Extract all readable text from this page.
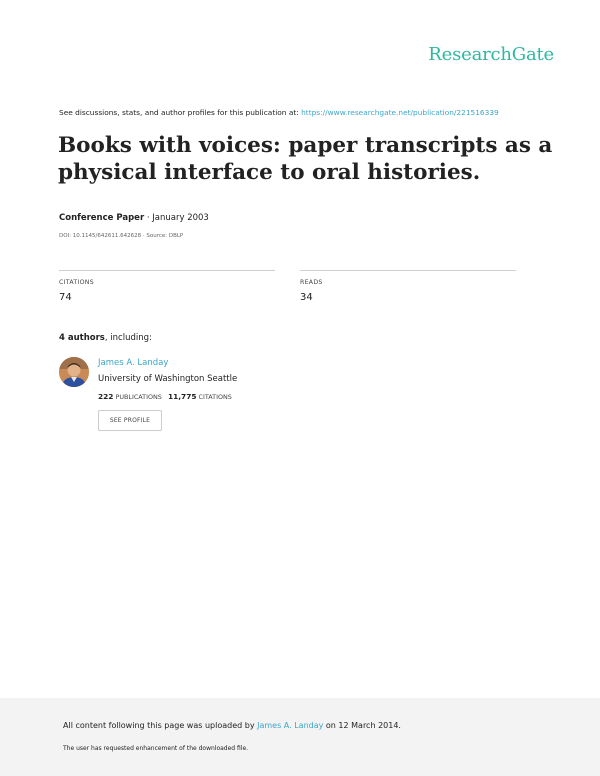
ResearchGate
See discussions, stats, and author profiles for this publication at: https://www.researchgate.net/publication/221516339
Books with voices: paper transcripts as a physical interface to oral histories.
Conference Paper · January 2003
DOI: 10.1145/642611.642628 · Source: DBLP
CITATIONS
74
READS
34
4 authors, including:
James A. Landay
University of Washington Seattle
222 PUBLICATIONS 11,775 CITATIONS
SEE PROFILE
All content following this page was uploaded by James A. Landay on 12 March 2014.
The user has requested enhancement of the downloaded file.
